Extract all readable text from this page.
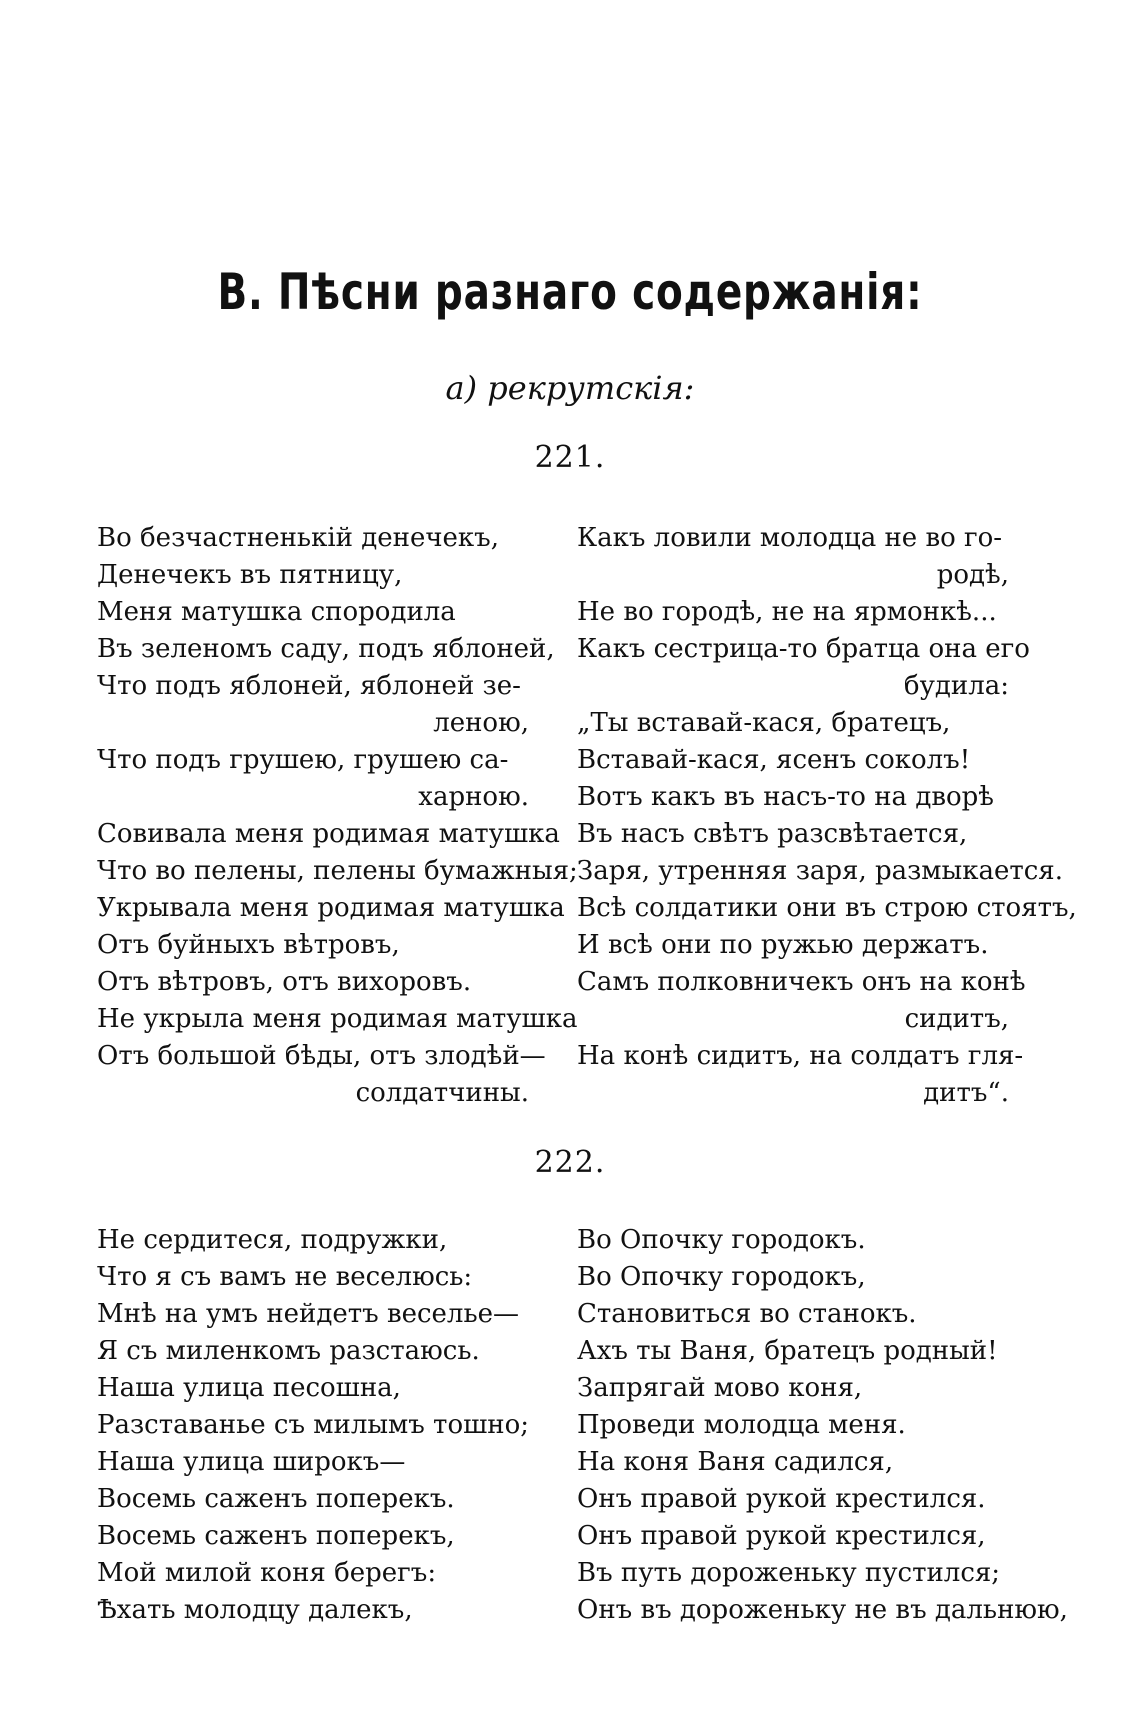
В. Пѣсни разнаго содержанія:
а) рекрутскія:
221.
Во безчастненькій денечекъ,
Денечекъ въ пятницу,
Меня матушка спородила
Въ зеленомъ саду, подъ яблоней,
Что подъ яблоней, яблоней зе-
леною,
Что подъ грушею, грушею са-
харною.
Совивала меня родимая матушка
Что во пелены, пелены бумажныя;
Укрывала меня родимая матушка
Отъ буйныхъ вѣтровъ,
Отъ вѣтровъ, отъ вихоровъ.
Не укрыла меня родимая матушка
Отъ большой бѣды, отъ злодѣй—
солдатчины.
Какъ ловили молодца не во го-
родѣ,
Не во городѣ, не на ярмонкѣ...
Какъ сестрица-то братца она его
будила:
„Ты вставай-кася, братецъ,
Вставай-кася, ясенъ соколъ!
Вотъ какъ въ насъ-то на дворѣ
Въ насъ свѣтъ разсвѣтается,
Заря, утренняя заря, размыкается.
Всѣ солдатики они въ строю стоятъ,
И всѣ они по ружью держатъ.
Самъ полковничекъ онъ на конѣ
сидитъ,
На конѣ сидитъ, на солдатъ гля-
дитъ“.
222.
Не сердитеся, подружки,
Что я съ вамъ не веселюсь:
Мнѣ на умъ нейдетъ веселье—
Я съ миленкомъ разстаюсь.
Наша улица песошна,
Разставанье съ милымъ тошно;
Наша улица широкъ—
Восемь саженъ поперекъ.
Восемь саженъ поперекъ,
Мой милой коня берегъ:
Ѣхать молодцу далекъ,
Во Опочку городокъ.
Во Опочку городокъ,
Становиться во станокъ.
Ахъ ты Ваня, братецъ родный!
Запрягай мово коня,
Проведи молодца меня.
На коня Ваня садился,
Онъ правой рукой крестился.
Онъ правой рукой крестился,
Въ путь дороженьку пустился;
Онъ въ дороженьку не въ дальнюю,
